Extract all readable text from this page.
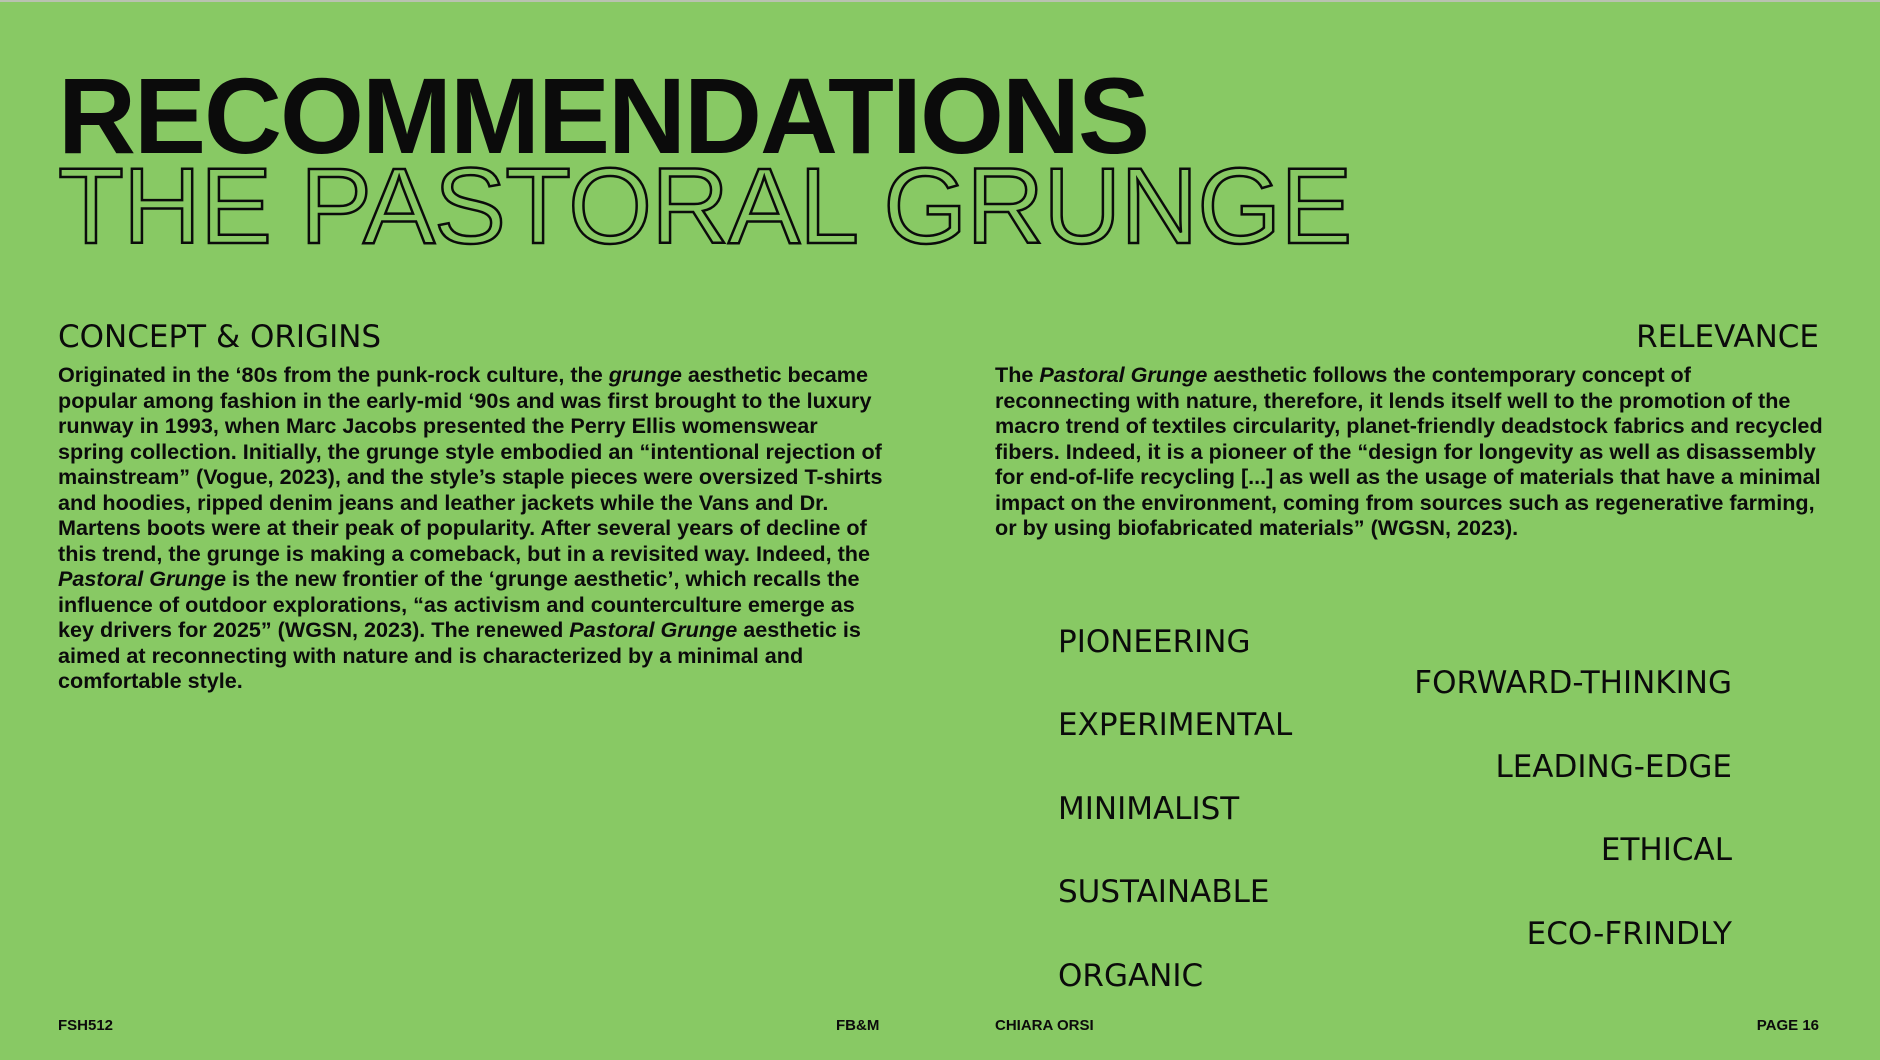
RECOMMENDATIONS
THE PASTORAL GRUNGE
CONCEPT & ORIGINS	RELEVANCE

Originated in the ‘80s from the punk-rock culture, the grunge aesthetic became popular among fashion in the early-mid ‘90s and was first brought to the luxury runway in 1993, when Marc Jacobs presented the Perry Ellis womenswear spring collection. Initially, the grunge style embodied an “intentional rejection of mainstream” (Vogue, 2023), and the style’s staple pieces were oversized T-shirts and hoodies, ripped denim jeans and leather jackets while the Vans and Dr. Martens boots were at their peak of popularity. After several years of decline of this trend, the grunge is making a comeback, but in a revisited way. Indeed, the Pastoral Grunge is the new frontier of the ‘grunge aesthetic’, which recalls the influence of outdoor explorations, “as activism and counterculture emerge as key drivers for 2025” (WGSN, 2023). The renewed Pastoral Grunge aesthetic is aimed at reconnecting with nature and is characterized by a minimal and comfortable style.

The Pastoral Grunge aesthetic follows the contemporary concept of reconnecting with nature, therefore, it lends itself well to the promotion of the macro trend of textiles circularity, planet-friendly deadstock fabrics and recycled fibers. Indeed, it is a pioneer of the “design for longevity as well as disassembly for end-of-life recycling [...] as well as the usage of materials that have a minimal impact on the environment, coming from sources such as regenerative farming, or by using biofabricated materials” (WGSN, 2023).

PIONEERING
FORWARD-THINKING
EXPERIMENTAL
LEADING-EDGE
MINIMALIST
ETHICAL
SUSTAINABLE
ECO-FRINDLY
ORGANIC
FSH512	FB&M	CHIARA ORSI	PAGE 16
